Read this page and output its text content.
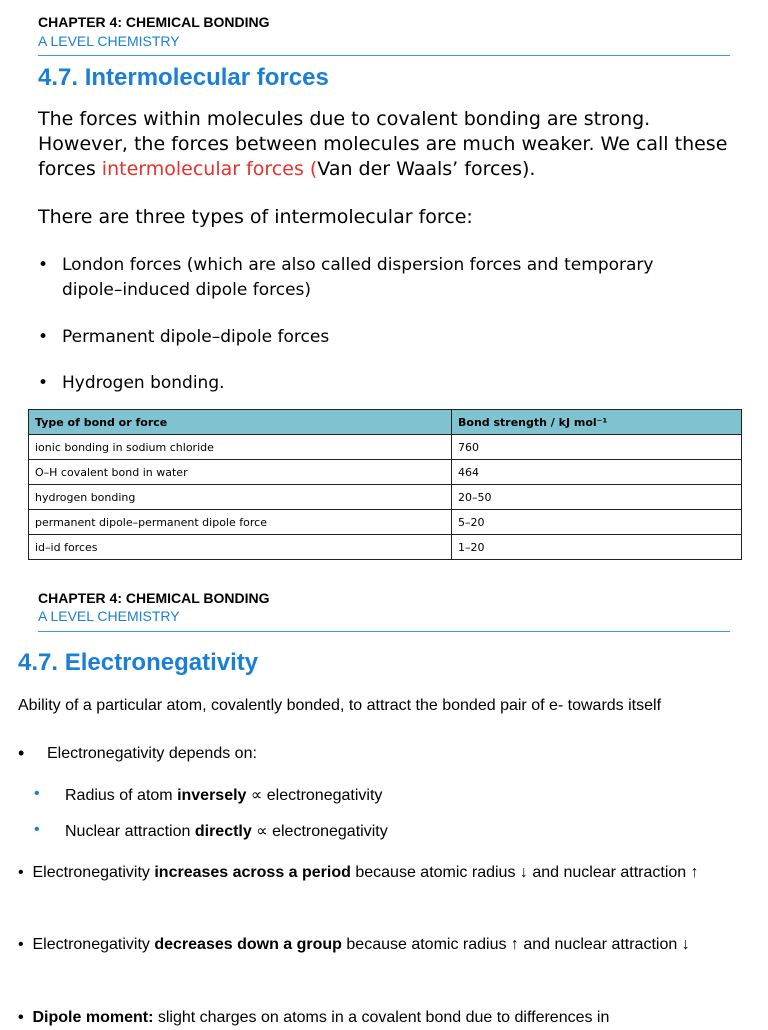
CHAPTER 4: CHEMICAL BONDING
A LEVEL CHEMISTRY
4.7. Intermolecular forces
The forces within molecules due to covalent bonding are strong. However, the forces between molecules are much weaker. We call these forces intermolecular forces (Van der Waals’ forces).
There are three types of intermolecular force:
• London forces (which are also called dispersion forces and temporary dipole–induced dipole forces)
• Permanent dipole–dipole forces
• Hydrogen bonding.
Type of bond or force	Bond strength / kJ mol⁻¹
ionic bonding in sodium chloride	760
O–H covalent bond in water	464
hydrogen bonding	20–50
permanent dipole–permanent dipole force	5–20
id–id forces	1–20
CHAPTER 4: CHEMICAL BONDING
A LEVEL CHEMISTRY
4.7. Electronegativity
Ability of a particular atom, covalently bonded, to attract the bonded pair of e- towards itself
• Electronegativity depends on:
• Radius of atom inversely ∝ electronegativity
• Nuclear attraction directly ∝ electronegativity
• Electronegativity increases across a period because atomic radius ↓ and nuclear attraction ↑
• Electronegativity decreases down a group because atomic radius ↑ and nuclear attraction ↓
• Dipole moment: slight charges on atoms in a covalent bond due to differences in
